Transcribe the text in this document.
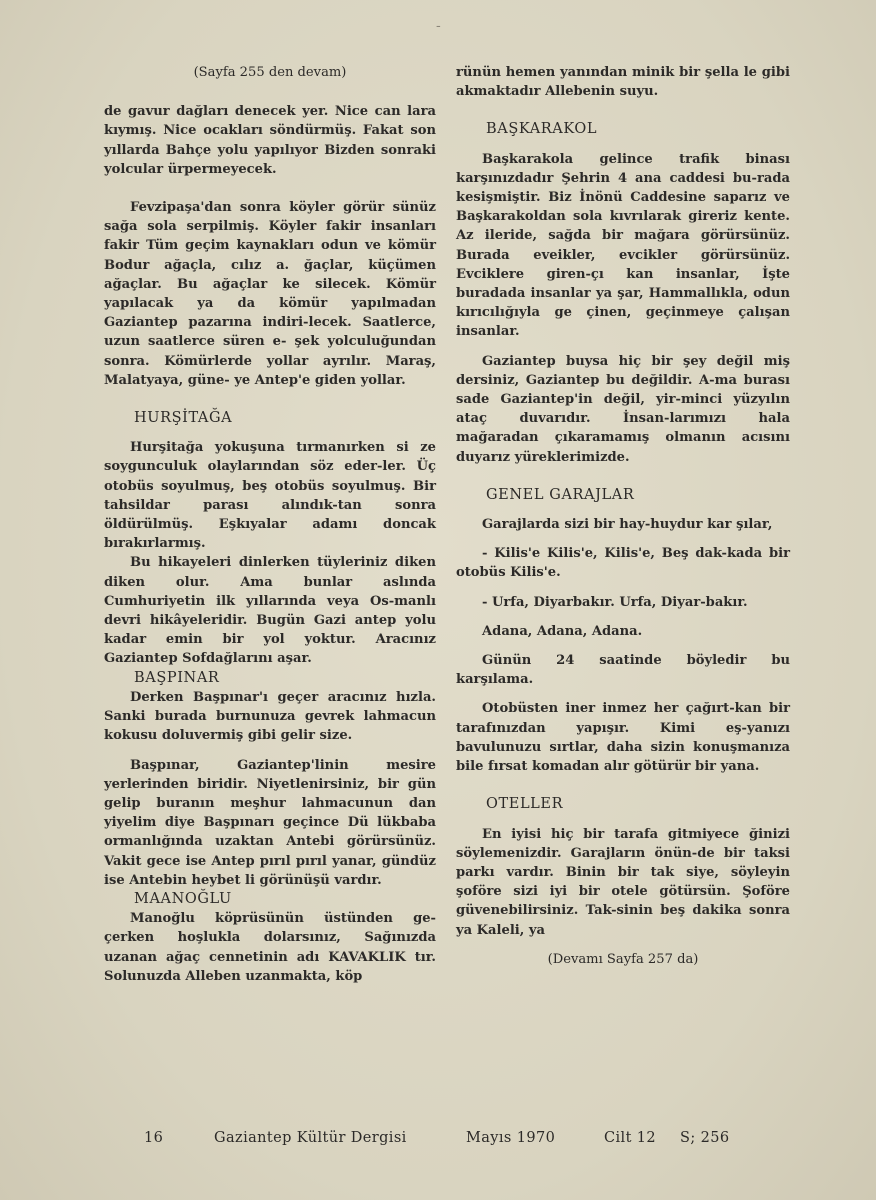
-

(Sayfa 255 den devam)

de gavur dağları denecek yer. Nice can lara kıymış. Nice ocakları söndürmüş. Fakat son yıllarda Bahçe yolu yapılıyor Bizden sonraki yolcular ürpermeyecek.

Fevzipaşa'dan sonra köyler görür sünüz sağa sola serpilmiş. Köyler fakir insanları fakir Tüm geçim kaynakları odun ve kömür Bodur ağaçla, cılız a. ğaçlar, küçümen ağaçlar. Bu ağaçlar ke silecek. Kömür yapılacak ya da kömür yapılmadan Gaziantep pazarına indiri-lecek. Saatlerce, uzun saatlerce süren e- şek yolculuğundan sonra. Kömürlerde yollar ayrılır. Maraş, Malatyaya, güne- ye Antep'e giden yollar.

HURŞİTAĞA

Hurşitağa yokuşuna tırmanırken si ze soygunculuk olaylarından söz eder-ler. Üç otobüs soyulmuş, beş otobüs soyulmuş. Bir tahsildar parası alındık-tan sonra öldürülmüş. Eşkıyalar adamı doncak bırakırlarmış.

Bu hikayeleri dinlerken tüyleriniz diken diken olur. Ama bunlar aslında Cumhuriyetin ilk yıllarında veya Os-manlı devri hikâyeleridir. Bugün Gazi antep yolu kadar emin bir yol yoktur. Aracınız Gaziantep Sofdağlarını aşar.

BAŞPINAR

Derken Başpınar'ı geçer aracınız hızla. Sanki burada burnunuza gevrek lahmacun kokusu doluvermiş gibi gelir size.

Başpınar, Gaziantep'linin mesire yerlerinden biridir. Niyetlenirsiniz, bir gün gelip buranın meşhur lahmacunun dan yiyelim diye Başpınarı geçince Dü lükbaba ormanlığında uzaktan Antebi görürsünüz. Vakit gece ise Antep pırıl pırıl yanar, gündüz ise Antebin heybet li görünüşü vardır.

MAANOĞLU

Manoğlu köprüsünün üstünden ge-çerken hoşlukla dolarsınız, Sağınızda uzanan ağaç cennetinin adı KAVAKLIK tır. Solunuzda Alleben uzanmakta, köp

rünün hemen yanından minik bir şella le gibi akmaktadır Allebenin suyu.

BAŞKARAKOL

Başkarakola gelince trafik binası karşınızdadır Şehrin 4 ana caddesi bu-rada kesişmiştir. Biz İnönü Caddesine saparız ve Başkarakoldan sola kıvrılarak gireriz kente. Az ileride, sağda bir mağara görürsünüz. Burada eveikler, evcikler görürsünüz. Evciklere giren-çı kan insanlar, İşte buradada insanlar ya şar, Hammallıkla, odun kırıcılığıyla ge çinen, geçinmeye çalışan insanlar.

Gaziantep buysa hiç bir şey değil miş dersiniz, Gaziantep bu değildir. A-ma burası sade Gaziantep'in değil, yir-minci yüzyılın ataç duvarıdır. İnsan-larımızı hala mağaradan çıkaramamış olmanın acısını duyarız yüreklerimizde.

GENEL GARAJLAR

Garajlarda sizi bir hay-huydur kar şılar,

- Kilis'e Kilis'e, Kilis'e, Beş dak-kada bir otobüs Kilis'e.

- Urfa, Diyarbakır. Urfa, Diyar-bakır.

Adana, Adana, Adana.

Günün 24 saatinde böyledir bu karşılama.

Otobüsten iner inmez her çağırt-kan bir tarafınızdan yapışır. Kimi eş-yanızı bavulunuzu sırtlar, daha sizin konuşmanıza bile fırsat komadan alır götürür bir yana.

OTELLER

En iyisi hiç bir tarafa gitmiyece ğinizi söylemenizdir. Garajların önün-de bir taksi parkı vardır. Binin bir tak siye, söyleyin şoföre sizi iyi bir otele götürsün. Şoföre güvenebilirsiniz. Tak-sinin beş dakika sonra ya Kaleli, ya

(Devamı Sayfa 257 da)

16	Gaziantep Kültür Dergisi	Mayıs 1970	Cilt 12 S; 256
